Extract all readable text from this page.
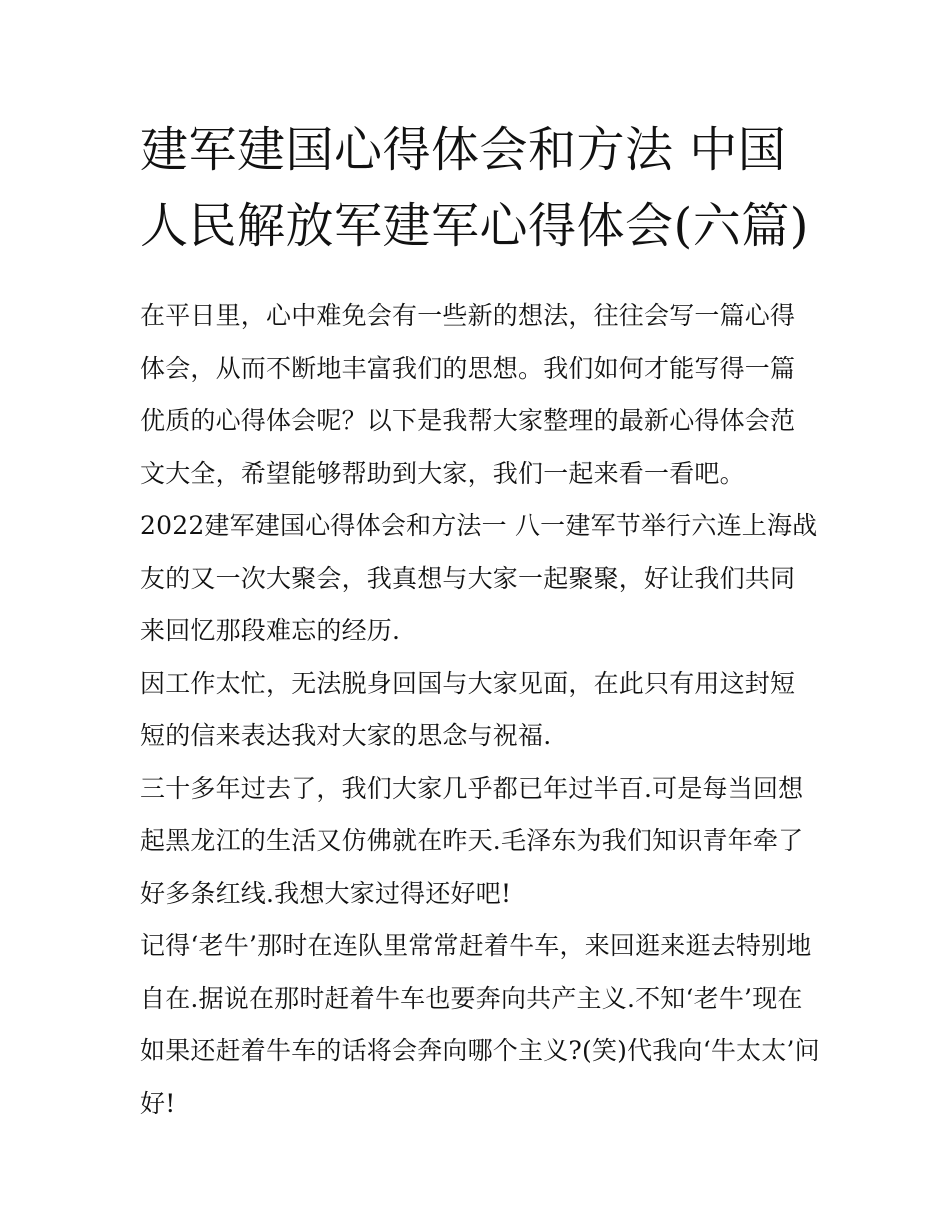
建军建国心得体会和方法 中国人民解放军建军心得体会(六篇)

在平日里，心中难免会有一些新的想法，往往会写一篇心得体会，从而不断地丰富我们的思想。我们如何才能写得一篇优质的心得体会呢？以下是我帮大家整理的最新心得体会范文大全，希望能够帮助到大家，我们一起来看一看吧。

2022建军建国心得体会和方法一 八一建军节举行六连上海战友的又一次大聚会，我真想与大家一起聚聚，好让我们共同来回忆那段难忘的经历.

因工作太忙，无法脱身回国与大家见面，在此只有用这封短短的信来表达我对大家的思念与祝福.

三十多年过去了，我们大家几乎都已年过半百.可是每当回想起黑龙江的生活又仿佛就在昨天.毛泽东为我们知识青年牵了好多条红线.我想大家过得还好吧!

记得‘老牛’那时在连队里常常赶着牛车，来回逛来逛去特别地自在.据说在那时赶着牛车也要奔向共产主义.不知‘老牛’现在如果还赶着牛车的话将会奔向哪个主义?(笑)代我向‘牛太太’问好!
